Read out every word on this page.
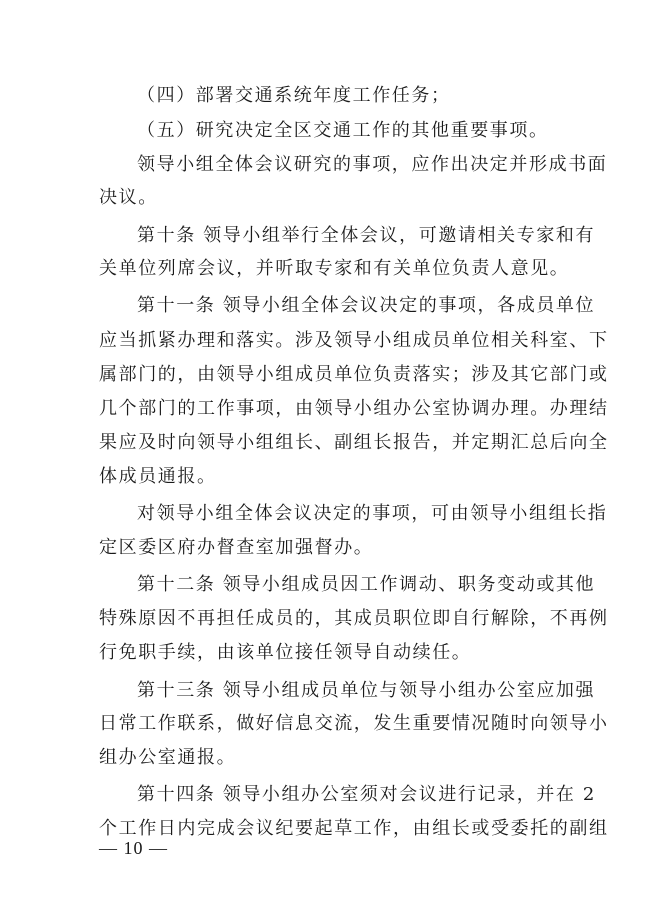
（四）部署交通系统年度工作任务；
（五）研究决定全区交通工作的其他重要事项。
领导小组全体会议研究的事项，应作出决定并形成书面
决议。
第十条 领导小组举行全体会议，可邀请相关专家和有
关单位列席会议，并听取专家和有关单位负责人意见。
第十一条 领导小组全体会议决定的事项，各成员单位
应当抓紧办理和落实。涉及领导小组成员单位相关科室、下
属部门的，由领导小组成员单位负责落实；涉及其它部门或
几个部门的工作事项，由领导小组办公室协调办理。办理结
果应及时向领导小组组长、副组长报告，并定期汇总后向全
体成员通报。
对领导小组全体会议决定的事项，可由领导小组组长指
定区委区府办督查室加强督办。
第十二条 领导小组成员因工作调动、职务变动或其他
特殊原因不再担任成员的，其成员职位即自行解除，不再例
行免职手续，由该单位接任领导自动续任。
第十三条 领导小组成员单位与领导小组办公室应加强
日常工作联系，做好信息交流，发生重要情况随时向领导小
组办公室通报。
第十四条 领导小组办公室须对会议进行记录，并在 2
个工作日内完成会议纪要起草工作，由组长或受委托的副组
— 10 —
